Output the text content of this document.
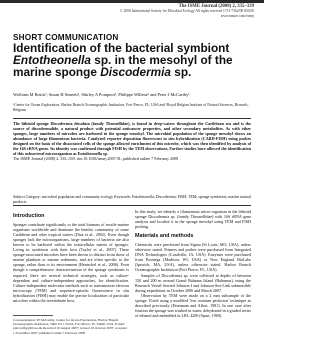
The ISME Journal (2008) 2, 335–339
© 2008 International Society for Microbial Ecology All rights reserved 1751-7362/08 $30.00
www.nature.com/ismej
SHORT COMMUNICATION
Identification of the bacterial symbiont Entotheonella sp. in the mesohyl of the marine sponge Discodermia sp.
Wolfram M Brück¹, Susan H Sennett¹, Shirley A Pomponi¹, Philippe Willenz² and Peter J McCarthy¹
¹Center for Ocean Exploration, Harbor Branch Oceanographic Institution, Fort Pierce, FL, USA and ²Royal Belgian Institute of Natural Sciences, Brussels, Belgium
The lithistid sponge Discodermia dissoluta (family Theonellidae), is found in deep-waters throughout the Caribbean sea and is the source of discodermolide, a natural product with potential anticancer properties, and other secondary metabolites. As with other sponges, large numbers of microbes are harbored in the sponge mesohyl. The microbial population of the sponge mesohyl shows an abundance of large filamentous bacteria. Catalyzed reporter deposition fluorescent in situ hybridization (CARD-FISH) using probes designed on the basis of the dissociated cells of the sponge allowed enrichment of this microbe, which was then identified by analysis of the 16S rRNA genes. Its identity was confirmed through FISH by the TEM observations. Further studies have allowed the identification of this subsecteral microorganism as Entotheonella sp.
The ISME Journal (2008) 2, 335–339; doi:10.1038/ismej.2007.91; published online 7 February 2008
Subject Category: microbial population and community ecology Keywords: Entotheonella; Discodermia; FISH; TEM; sponge symbionts; marine natural products
Introduction

Sponges contribute significantly to the total biomass of sessile marine organisms worldwide and dominate the benthic community of some Caribbean and other tropical waters (Diaz et al., 2002). Even though sponges lack the microorganisms, large numbers of bacteria are also known to be harbored within the extracellular matrix of sponges. Living in symbiosis with their host (Taylor et al., 2007). These sponge-associated microbes have been shown to distinct from those of marine plankton or marine sediments, and are often specific to the sponge, rather than to its environment (Hentschel et al., 2006). Even though a comprehensive characterization of the sponge symbionts is required, there are several technical strategies, such as culture-dependent and culture-independent approaches, for identification. Culture-independent molecular methods such as transmission electron microscopy (TEM) and sequence-specific fluorescence in situ hybridization (FISH) may enable the precise localization of particular microbes within the invertebrate host.

In this study, we identify a filamentous micro-organism in the lithistid sponge Discodermia sp. (family Theonellidae) with 16S rRNA gene analysis and localize it in the sponge mesohyl using TEM and FISH probing.

Materials and methods

Chemicals were purchased from Sigma (St Louis, MO, USA), unless otherwise stated. Primers and probes were purchased from Integrated DNA Technologies (Coralville, IA, USA). Enzymes were purchased from Promega (Madison, WI, USA) or New England BioLabs (Ipswich, MA, USA), unless otherwise stated. Harbor Branch Oceanographic Institution (Fort Pierce, FL, USA).

Samples of Discodermia sp. were collected at depths of between 150 and 200 m around Grand Bahama Island (Bahamas), using the Research Vessel Seward Johnson I and Johnson-Sea-Link submersible during expeditions in October 2006 and March 2007.

Observation by TEM were made on a 2 mm subsample of the sponge. Fixed using a modified 'low osmium perfusion' technique as described previously (Eisenman and Alfert, 1981). In one case after fixation the sponge was washed in water, dehydrated in a graded series of ethanol and embedded in LRL 4200 (Spurr, 1969).

Correspondence: PJ McCarthy, Center for Ocean Exploration, Harbor Branch Oceanographic Institution, 5600 US 1 North, Fort Pierce, FL 34946, USA. E-mail: pmccarthy@hboi.edu Received 10 August 2007; revised 19 October 2007; accepted 1 November 2007; published online 7 February 2008
